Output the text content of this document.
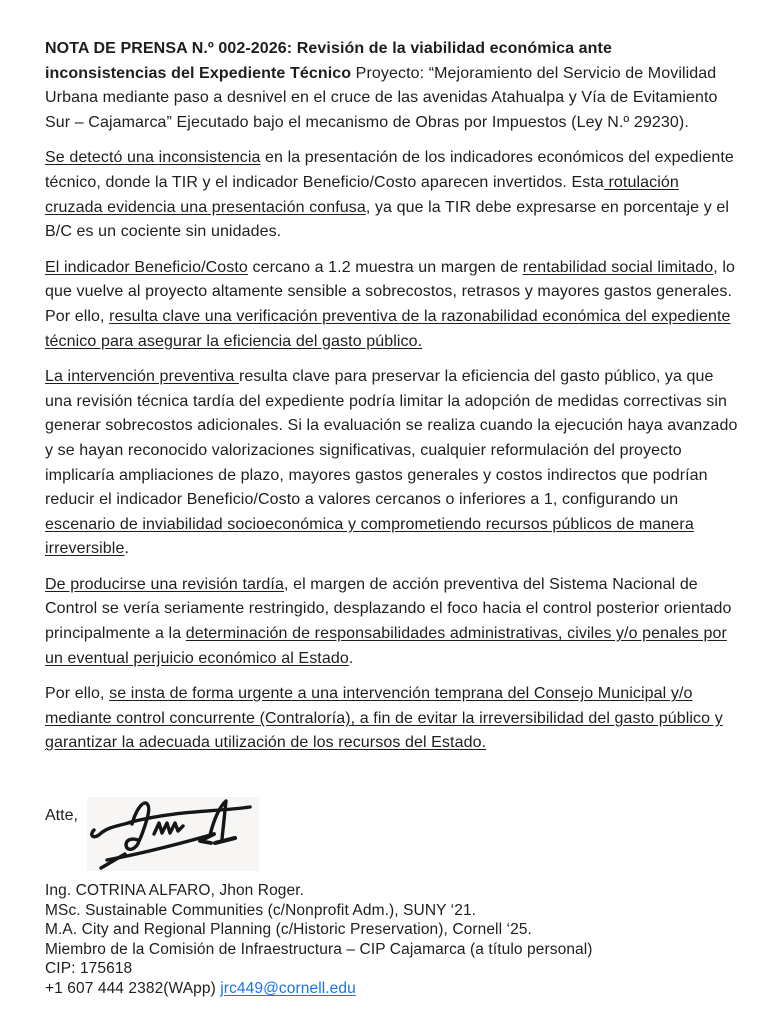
NOTA DE PRENSA N.º 002-2026: Revisión de la viabilidad económica ante inconsistencias del Expediente Técnico Proyecto: “Mejoramiento del Servicio de Movilidad Urbana mediante paso a desnivel en el cruce de las avenidas Atahualpa y Vía de Evitamiento Sur – Cajamarca” Ejecutado bajo el mecanismo de Obras por Impuestos (Ley N.º 29230).
Se detectó una inconsistencia en la presentación de los indicadores económicos del expediente técnico, donde la TIR y el indicador Beneficio/Costo aparecen invertidos. Esta rotulación cruzada evidencia una presentación confusa, ya que la TIR debe expresarse en porcentaje y el B/C es un cociente sin unidades.
El indicador Beneficio/Costo cercano a 1.2 muestra un margen de rentabilidad social limitado, lo que vuelve al proyecto altamente sensible a sobrecostos, retrasos y mayores gastos generales. Por ello, resulta clave una verificación preventiva de la razonabilidad económica del expediente técnico para asegurar la eficiencia del gasto público.
La intervención preventiva resulta clave para preservar la eficiencia del gasto público, ya que una revisión técnica tardía del expediente podría limitar la adopción de medidas correctivas sin generar sobrecostos adicionales. Si la evaluación se realiza cuando la ejecución haya avanzado y se hayan reconocido valorizaciones significativas, cualquier reformulación del proyecto implicaría ampliaciones de plazo, mayores gastos generales y costos indirectos que podrían reducir el indicador Beneficio/Costo a valores cercanos o inferiores a 1, configurando un escenario de inviabilidad socioeconómica y comprometiendo recursos públicos de manera irreversible.
De producirse una revisión tardía, el margen de acción preventiva del Sistema Nacional de Control se vería seriamente restringido, desplazando el foco hacia el control posterior orientado principalmente a la determinación de responsabilidades administrativas, civiles y/o penales por un eventual perjuicio económico al Estado.
Por ello, se insta de forma urgente a una intervención temprana del Consejo Municipal y/o mediante control concurrente (Contraloría), a fin de evitar la irreversibilidad del gasto público y garantizar la adecuada utilización de los recursos del Estado.
Atte,
Ing. COTRINA ALFARO, Jhon Roger.
MSc. Sustainable Communities (c/Nonprofit Adm.), SUNY ‘21.
M.A. City and Regional Planning (c/Historic Preservation), Cornell ‘25.
Miembro de la Comisión de Infraestructura – CIP Cajamarca (a título personal)
CIP: 175618
+1 607 444 2382(WApp) jrc449@cornell.edu
